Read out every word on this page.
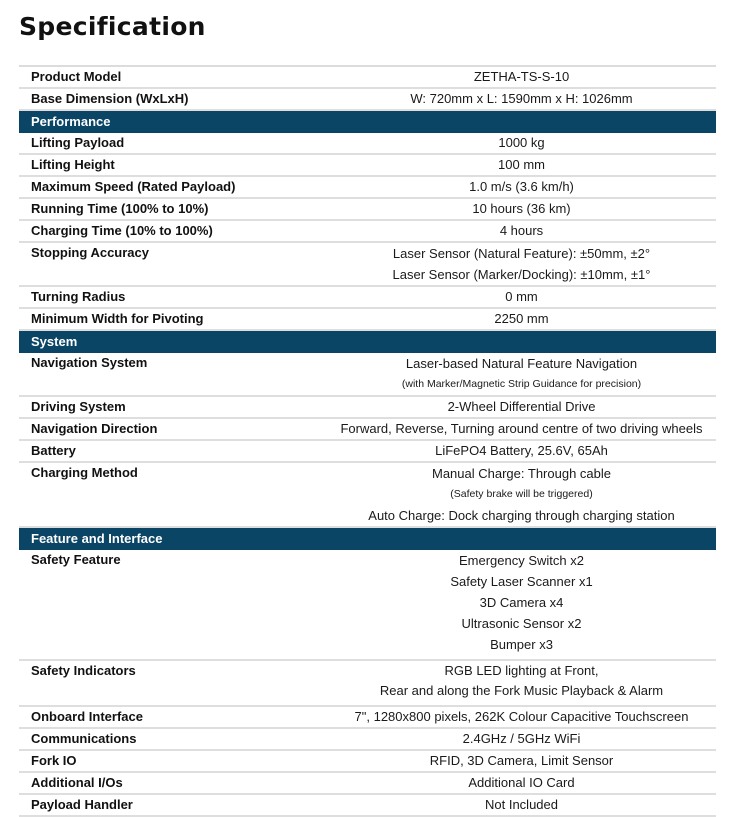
Specification
Product Model	ZETHA-TS-S-10
Base Dimension (WxLxH)	W: 720mm x L: 1590mm x H: 1026mm
Performance
Lifting Payload	1000 kg
Lifting Height	100 mm
Maximum Speed (Rated Payload)	1.0 m/s (3.6 km/h)
Running Time (100% to 10%)	10 hours (36 km)
Charging Time (10% to 100%)	4 hours
Stopping Accuracy	Laser Sensor (Natural Feature): ±50mm, ±2°
Laser Sensor (Marker/Docking): ±10mm, ±1°
Turning Radius	0 mm
Minimum Width for Pivoting	2250 mm
System
Navigation System	Laser-based Natural Feature Navigation
(with Marker/Magnetic Strip Guidance for precision)
Driving System	2-Wheel Differential Drive
Navigation Direction	Forward, Reverse, Turning around centre of two driving wheels
Battery	LiFePO4 Battery, 25.6V, 65Ah
Charging Method	Manual Charge: Through cable
(Safety brake will be triggered)
Auto Charge: Dock charging through charging station
Feature and Interface
Safety Feature	Emergency Switch x2
Safety Laser Scanner x1
3D Camera x4
Ultrasonic Sensor x2
Bumper x3
Safety Indicators	RGB LED lighting at Front,
Rear and along the Fork Music Playback & Alarm
Onboard Interface	7", 1280x800 pixels, 262K Colour Capacitive Touchscreen
Communications	2.4GHz / 5GHz WiFi
Fork IO	RFID, 3D Camera, Limit Sensor
Additional I/Os	Additional IO Card
Payload Handler	Not Included
